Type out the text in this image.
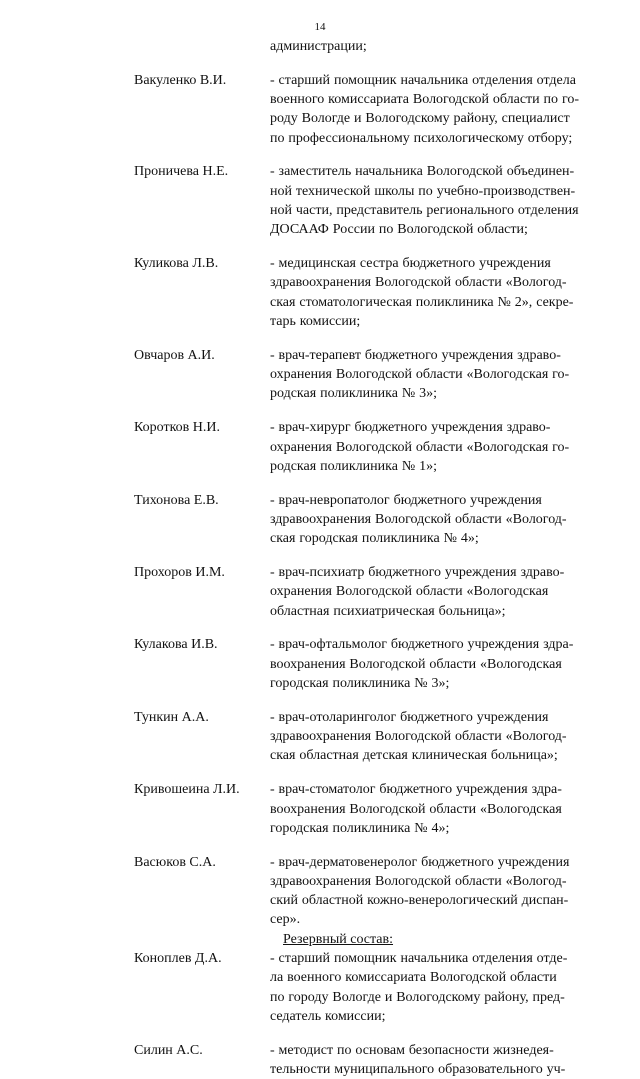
14
администрации;
Вакуленко В.И.	- старший помощник начальника отделения отдела
военного комиссариата Вологодской области по го-
роду Вологде и Вологодскому району, специалист
по профессиональному психологическому отбору;
Проничева Н.Е.	- заместитель начальника Вологодской объединен-
ной технической школы по учебно-производствен-
ной части, представитель регионального отделения
ДОСААФ России по Вологодской области;
Куликова Л.В.	- медицинская сестра бюджетного учреждения
здравоохранения Вологодской области «Вологод-
ская стоматологическая поликлиника № 2», секре-
тарь комиссии;
Овчаров А.И.	- врач-терапевт бюджетного учреждения здраво-
охранения Вологодской области «Вологодская го-
родская поликлиника № 3»;
Коротков Н.И.	- врач-хирург бюджетного учреждения здраво-
охранения Вологодской области «Вологодская го-
родская поликлиника № 1»;
Тихонова Е.В.	- врач-невропатолог бюджетного учреждения
здравоохранения Вологодской области «Вологод-
ская городская поликлиника № 4»;
Прохоров И.М.	- врач-психиатр бюджетного учреждения здраво-
охранения Вологодской области «Вологодская
областная психиатрическая больница»;
Кулакова И.В.	- врач-офтальмолог бюджетного учреждения здра-
воохранения Вологодской области «Вологодская
городская поликлиника № 3»;
Тункин А.А.	- врач-отоларинголог бюджетного учреждения
здравоохранения Вологодской области «Вологод-
ская областная детская клиническая больница»;
Кривошеина Л.И.	- врач-стоматолог бюджетного учреждения здра-
воохранения Вологодской области «Вологодская
городская поликлиника № 4»;
Васюков С.А.	- врач-дерматовенеролог бюджетного учреждения
здравоохранения Вологодской области «Вологод-
ский областной кожно-венерологический диспан-
сер».
Резервный состав:
Коноплев Д.А.	- старший помощник начальника отделения отде-
ла военного комиссариата Вологодской области
по городу Вологде и Вологодскому району, пред-
седатель комиссии;
Силин А.С.	- методист по основам безопасности жизнедея-
тельности муниципального образовательного уч-
